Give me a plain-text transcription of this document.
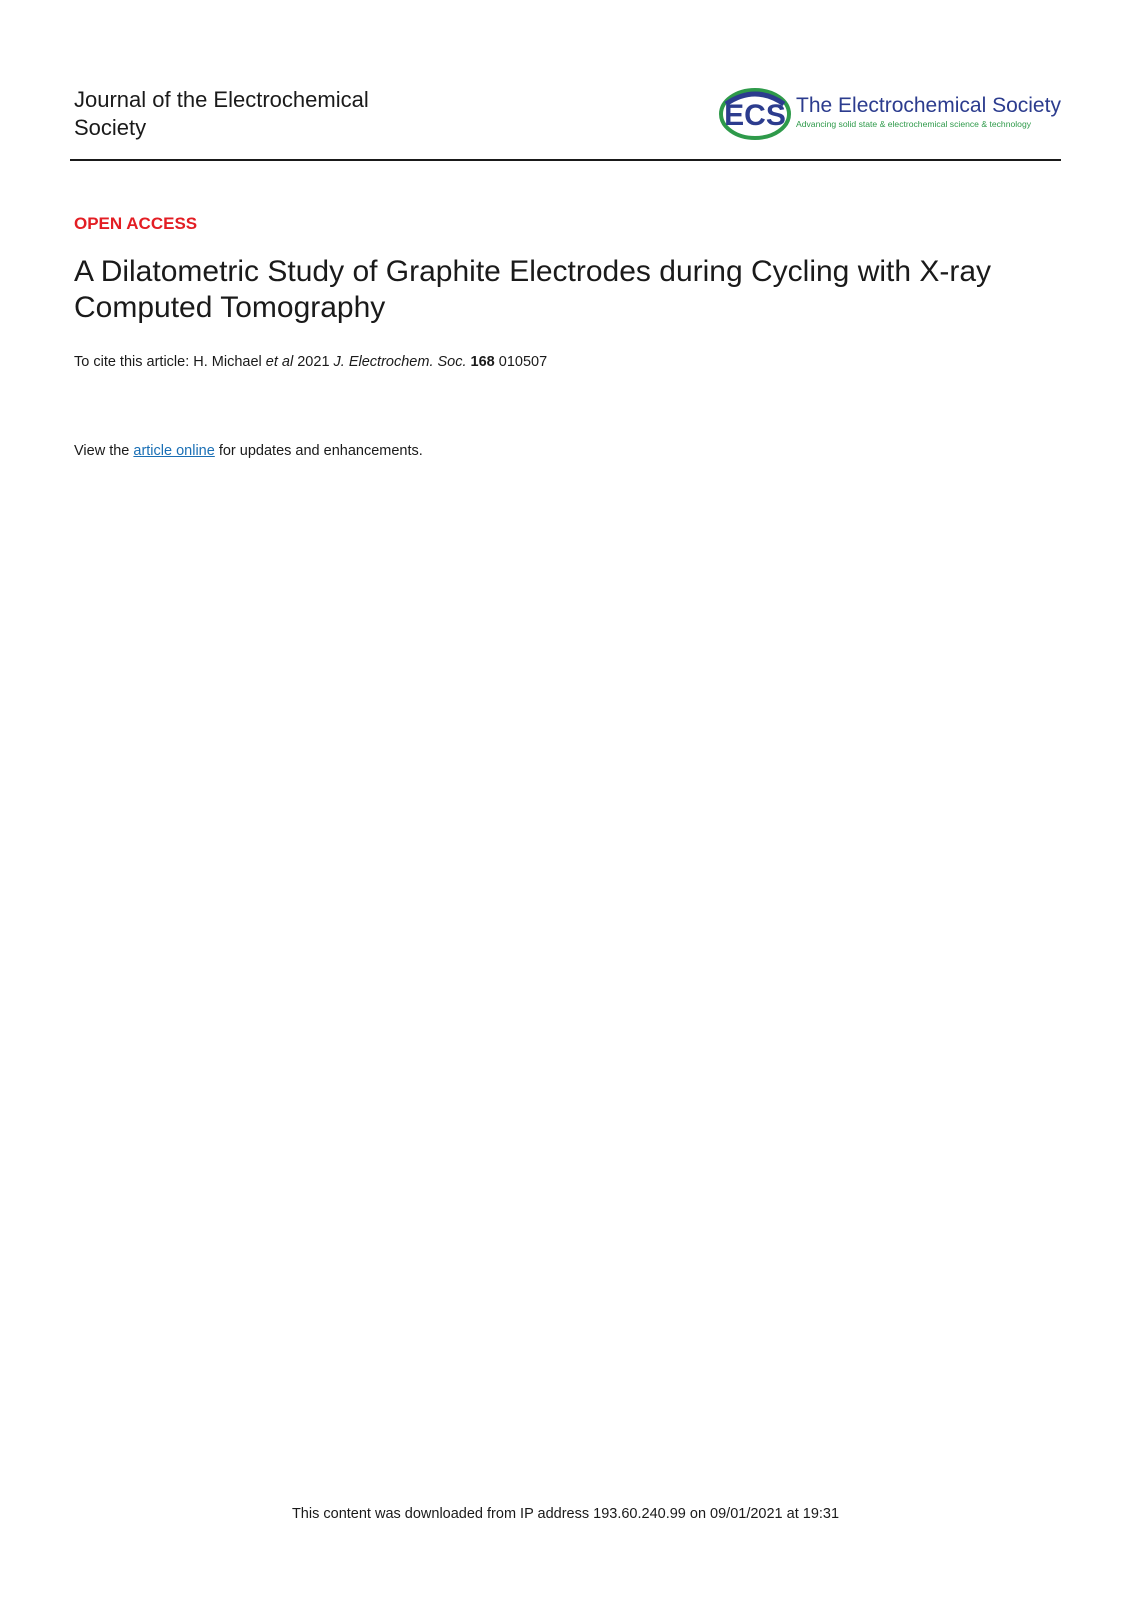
Journal of the Electrochemical Society	ECS The Electrochemical Society
Advancing solid state & electrochemical science & technology
OPEN ACCESS
A Dilatometric Study of Graphite Electrodes during Cycling with X-ray Computed Tomography
To cite this article: H. Michael et al 2021 J. Electrochem. Soc. 168 010507
View the article online for updates and enhancements.
This content was downloaded from IP address 193.60.240.99 on 09/01/2021 at 19:31
